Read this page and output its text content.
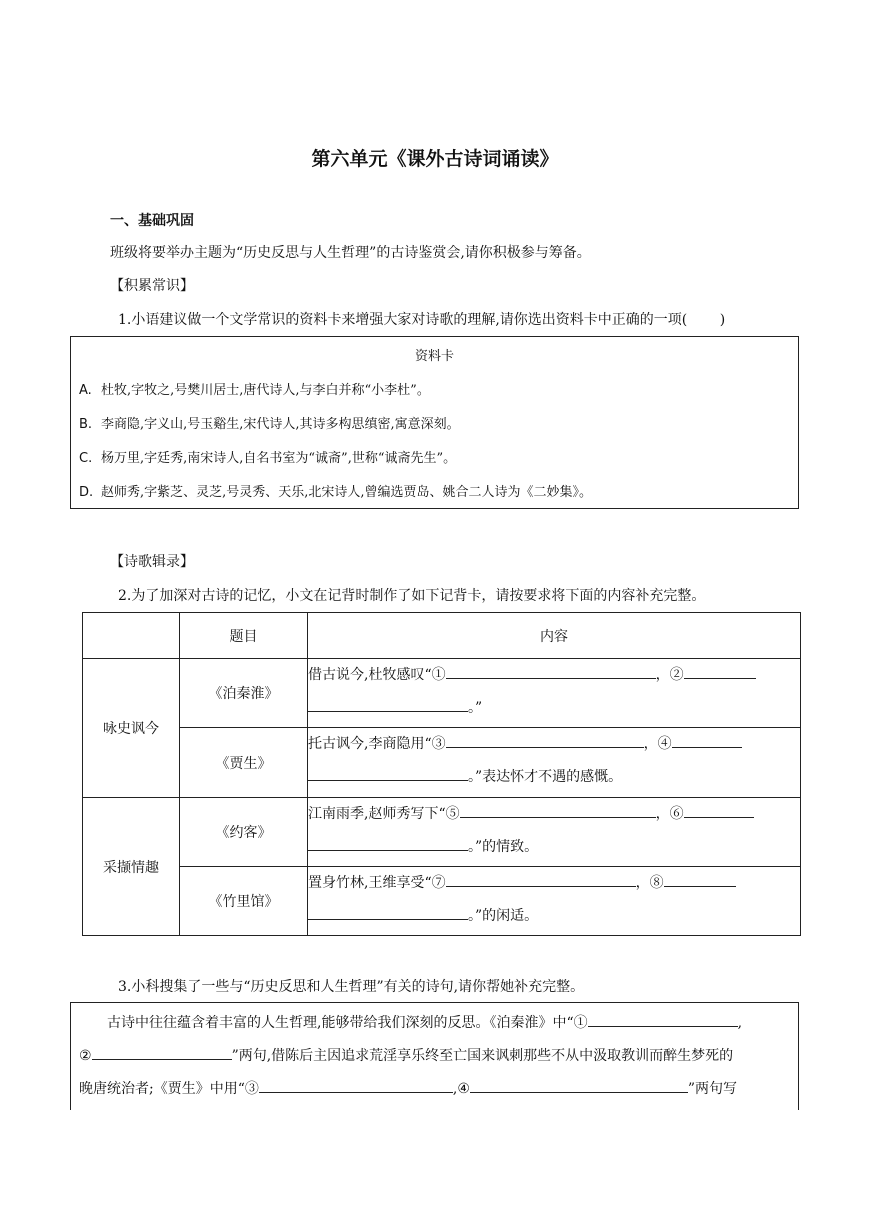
第六单元《课外古诗词诵读》
一、基础巩固
班级将要举办主题为“历史反思与人生哲理”的古诗鉴赏会,请你积极参与筹备。
【积累常识】
1.小语建议做一个文学常识的资料卡来增强大家对诗歌的理解,请你选出资料卡中正确的一项(　　 )
资料卡
A. 杜牧,字牧之,号樊川居士,唐代诗人,与李白并称“小李杜”。
B. 李商隐,字义山,号玉谿生,宋代诗人,其诗多构思缜密,寓意深刻。
C. 杨万里,字廷秀,南宋诗人,自名书室为“诚斋”,世称“诚斋先生”。
D. 赵师秀,字紫芝、灵芝,号灵秀、天乐,北宋诗人,曾编选贾岛、姚合二人诗为《二妙集》。
【诗歌辑录】
2.为了加深对古诗的记忆，小文在记背时制作了如下记背卡，请按要求将下面的内容补充完整。
	题目	内容
咏史讽今	《泊秦淮》	借古说今,杜牧感叹“① ，②
。”
	《贾生》	托古讽今,李商隐用“③ ，④
。”表达怀才不遇的感慨。
采撷情趣	《约客》	江南雨季,赵师秀写下“⑤ ，⑥
。”的情致。
	《竹里馆》	置身竹林,王维享受“⑦ ，⑧
。”的闲适。
3.小科搜集了一些与“历史反思和人生哲理”有关的诗句,请你帮她补充完整。
古诗中往往蕴含着丰富的人生哲理,能够带给我们深刻的反思。《泊秦淮》中“①	,
②	”两句,借陈后主因追求荒淫享乐终至亡国来讽刺那些不从中汲取教训而醉生梦死的
晚唐统治者;《贾生》中用“③	,④	”两句写
